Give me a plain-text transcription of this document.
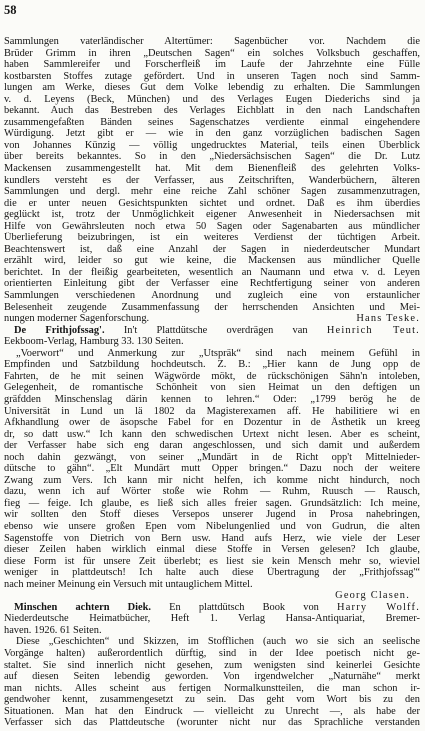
58
Sammlungen vaterländischer Altertümer: Sagenbücher vor. Nachdem die
Brüder Grimm in ihren „Deutschen Sagen“ ein solches Volksbuch geschaffen,
haben Sammlereifer und Forscherfleiß im Laufe der Jahrzehnte eine Fülle
kostbarsten Stoffes zutage gefördert. Und in unseren Tagen noch sind Samm-
lungen am Werke, dieses Gut dem Volke lebendig zu erhalten. Die Sammlungen
v. d. Leyens (Beck, München) und des Verlages Eugen Diederichs sind ja
bekannt. Auch das Bestreben des Verlages Eichblatt in den nach Landschaften
zusammengefaßten Bänden seines Sagenschatzes verdiente einmal eingehendere
Würdigung. Jetzt gibt er — wie in den ganz vorzüglichen badischen Sagen
von Johannes Künzig — völlig ungedrucktes Material, teils einen Überblick
über bereits bekanntes. So in den „Niedersächsischen Sagen“ die Dr. Lutz
Mackensen zusammengestellt hat. Mit dem Bienenfleiß des gelehrten Volks-
kundlers versteht es der Verfasser, aus Zeitschriften, Wanderbüchern, älteren
Sammlungen und dergl. mehr eine reiche Zahl schöner Sagen zusammenzutragen,
die er unter neuen Gesichtspunkten sichtet und ordnet. Daß es ihm überdies
geglückt ist, trotz der Unmöglichkeit eigener Anwesenheit in Niedersachsen mit
Hilfe von Gewährsleuten noch etwa 50 Sagen oder Sagenabarten aus mündlicher
Überlieferung beizubringen, ist ein weiteres Verdienst der tüchtigen Arbeit.
Beachtenswert ist, daß eine Anzahl der Sagen in niederdeutscher Mundart
erzählt wird, leider so gut wie keine, die Mackensen aus mündlicher Quelle
berichtet. In der fleißig gearbeiteten, wesentlich an Naumann und etwa v. d. Leyen
orientierten Einleitung gibt der Verfasser eine Rechtfertigung seiner von anderen
Sammlungen verschiedenen Anordnung und zugleich eine von erstaunlicher
Belesenheit zeugende Zusammenfassung der herrschenden Ansichten und Mei-
nungen moderner Sagenforschung.	Hans Teske.
De Frithjofssag'. In't Plattdütsche overdrägen van Heinrich Teut.
Eekboom-Verlag, Hamburg 33. 130 Seiten.
„Voerwort“ und Anmerkung zur „Utspräk“ sind nach meinem Gefühl in
Empfinden und Satzbildung hochdeutsch. Z. B.: „Hier kann de Jung opp de
Fahrten, de he mit seinen Wägwörde mökt, de rückschönigen Sähn'n intoleben,
Gelegenheit, de romantische Schönheit von sien Heimat un den deftigen un
gräfdden Minschenslag därin kennen to lehren.“ Oder: „1799 berög he de
Universität in Lund un lä 1802 da Magisterexamen aff. He habilitiere wi en
Afkhandlung ower de äsopsche Fabel for en Dozentur in de Ästhetik un kreeg
dr, so datt usw.“ Ich kann den schwedischen Urtext nicht lesen. Aber es scheint,
der Verfasser habe sich eng daran angeschlossen, und sich damit und außerdem
noch dahin gezwängt, von seiner „Mundärt in de Richt opp't Mittelnieder-
dütsche to gähn“. „Elt Mundärt mutt Opper bringen.“ Dazu noch der weitere
Zwang zum Vers. Ich kann mir nicht helfen, ich komme nicht hindurch, noch
dazu, wenn ich auf Wörter stoße wie Rohm — Ruhm, Ruusch — Rausch,
fieg — feige. Ich glaube, es ließ sich alles freier sagen. Grundsätzlich: Ich meine,
wir sollten den Stoff dieses Versepos unserer Jugend in Prosa nahebringen,
ebenso wie unsere großen Epen vom Nibelungenlied und von Gudrun, die alten
Sagenstoffe von Dietrich von Bern usw. Hand aufs Herz, wie viele der Leser
dieser Zeilen haben wirklich einmal diese Stoffe in Versen gelesen? Ich glaube,
diese Form ist für unsere Zeit überlebt; es liest sie kein Mensch mehr so, wieviel
weniger in plattdeutsch! Ich halte auch diese Übertragung der „Frithjofssag'“
nach meiner Meinung ein Versuch mit untauglichem Mittel.
Georg Clasen.
Minschen achtern Diek. En plattdütsch Book von Harry Wolff.
Niederdeutsche Heimatbücher, Heft 1. Verlag Hansa-Antiquariat, Bremer-
haven. 1926. 61 Seiten.
Diese „Geschichten“ und Skizzen, im Stofflichen (auch wo sie sich an seelische
Vorgänge halten) außerordentlich dürftig, sind in der Idee poetisch nicht ge-
staltet. Sie sind innerlich nicht gesehen, zum wenigsten sind keinerlei Gesichte
auf diesen Seiten lebendig geworden. Von irgendwelcher „Naturnähe“ merkt
man nichts. Alles scheint aus fertigen Normalkunstteilen, die man schon ir-
gendwoher kennt, zusammengesetzt zu sein. Das geht vom Wort bis zu den
Situationen. Man hat den Eindruck — vielleicht zu Unrecht —, als habe der
Verfasser sich das Plattdeutsche (worunter nicht nur das Sprachliche verstanden
